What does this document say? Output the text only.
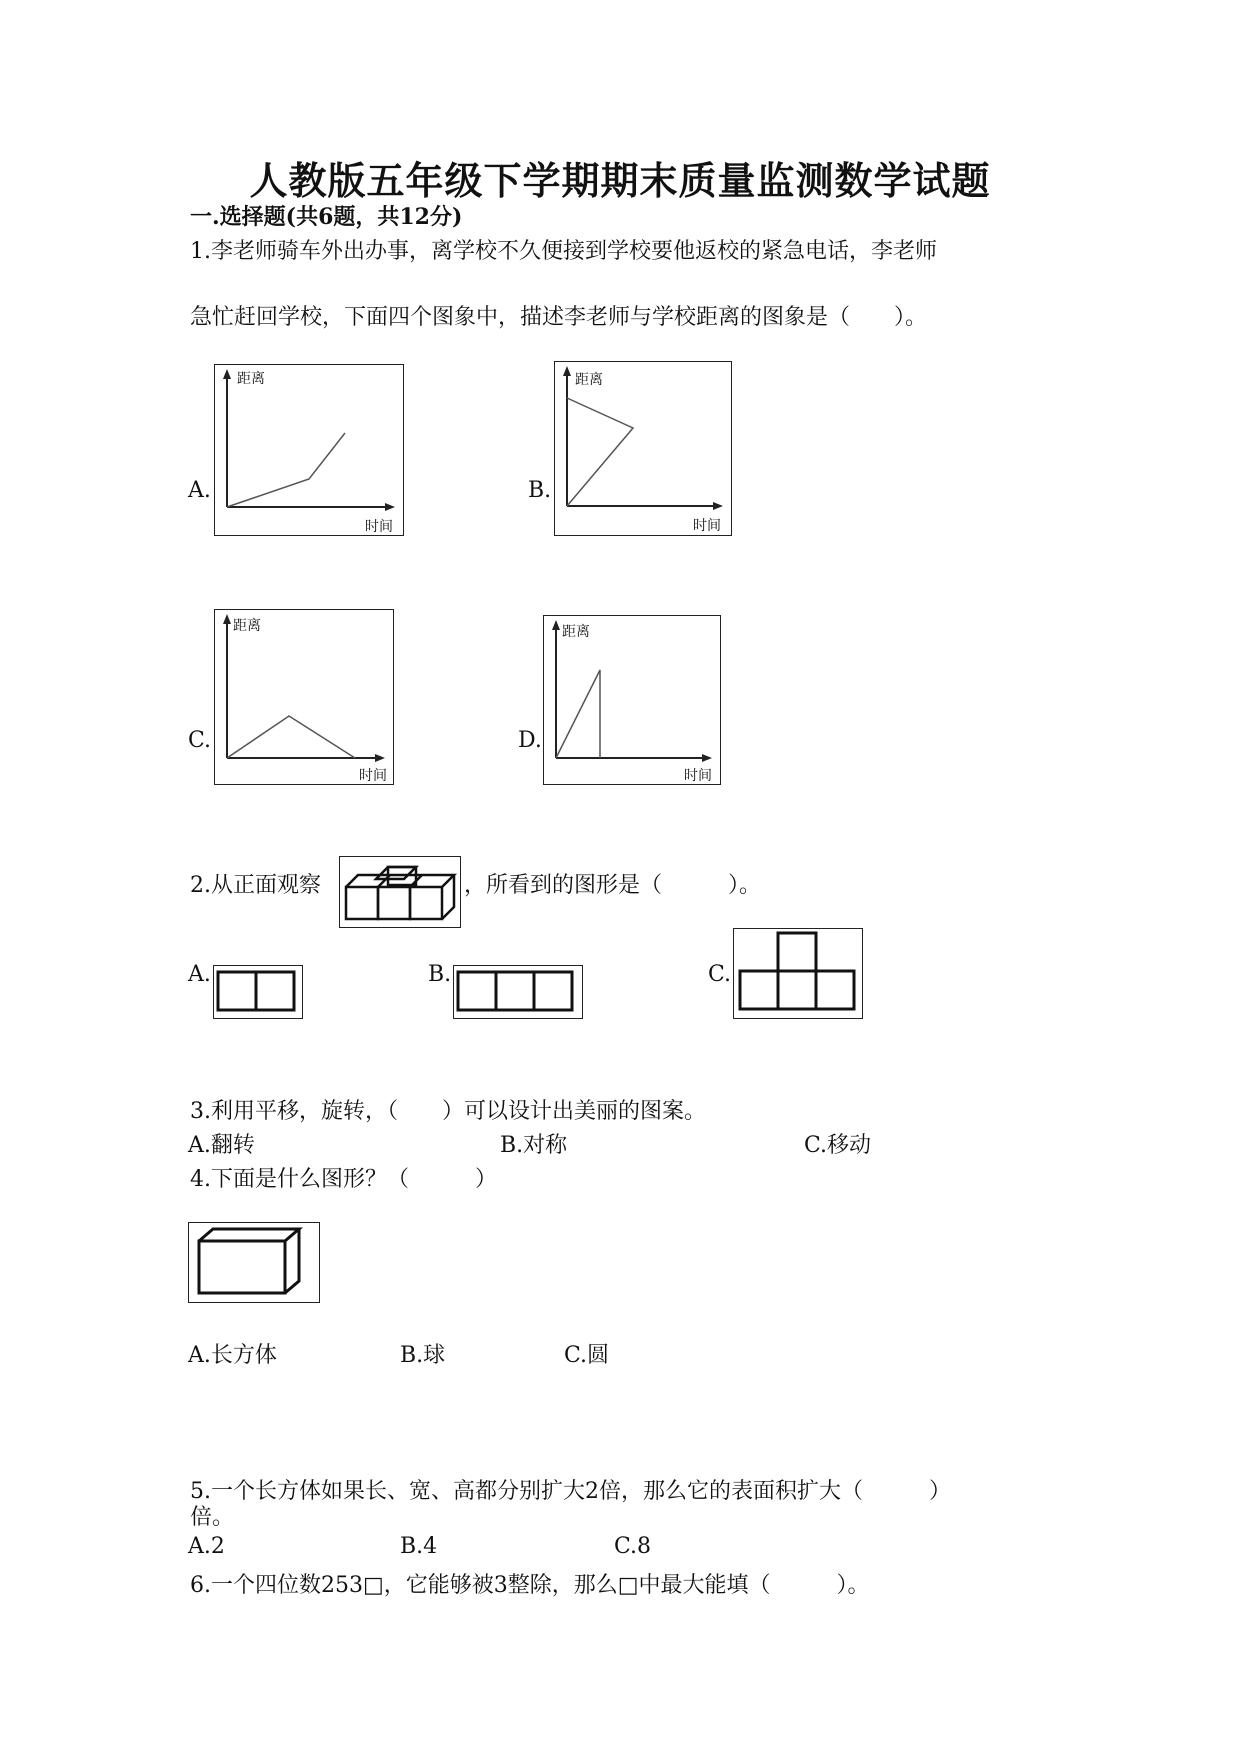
人教版五年级下学期期末质量监测数学试题
一.选择题(共6题，共12分)
1.李老师骑车外出办事，离学校不久便接到学校要他返校的紧急电话，李老师
急忙赶回学校，下面四个图象中，描述李老师与学校距离的图象是（　　）。
A.
距离
时间
B.
距离
时间
C.
距离
时间
D.
距离
时间
2.从正面观察	，所看到的图形是（　　　）。
A.	B.	C.
3.利用平移，旋转，（　　）可以设计出美丽的图案。
A.翻转	B.对称	C.移动
4.下面是什么图形？（　　　）
A.长方体	B.球	C.圆
5.一个长方体如果长、宽、高都分别扩大2倍，那么它的表面积扩大（　　　）
倍。
A.2	B.4	C.8
6.一个四位数253□，它能够被3整除，那么□中最大能填（　　　）。
